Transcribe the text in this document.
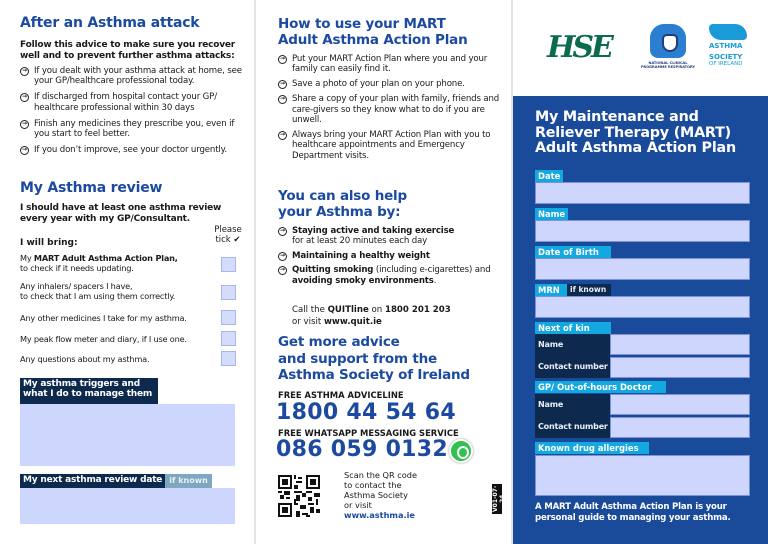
After an Asthma attack
Follow this advice to make sure you recover well and to prevent further asthma attacks:
→ If you dealt with your asthma attack at home, see your GP/healthcare professional today.
→ If discharged from hospital contact your GP/ healthcare professional within 30 days
→ Finish any medicines they prescribe you, even if you start to feel better.
→ If you don’t improve, see your doctor urgently.
My Asthma review
I should have at least one asthma review every year with my GP/Consultant.
I will bring:
Please tick ✔
My MART Adult Asthma Action Plan,
to check if it needs updating.
Any inhalers/ spacers I have,
to check that I am using them correctly.
Any other medicines I take for my asthma.
My peak flow meter and diary, if I use one.
Any questions about my asthma.
My asthma triggers and what I do to manage them
My next asthma review date if known
How to use your MART
Adult Asthma Action Plan
→ Put your MART Action Plan where you and your family can easily find it.
→ Save a photo of your plan on your phone.
→ Share a copy of your plan with family, friends and care-givers so they know what to do if you are unwell.
→ Always bring your MART Action Plan with you to healthcare appointments and Emergency Department visits.
You can also help
your Asthma by:
→ Staying active and taking exercise
for at least 20 minutes each day
→ Maintaining a healthy weight
→ Quitting smoking (including e-cigarettes) and avoiding smoky environments.
Call the QUITline on 1800 201 203
or visit www.quit.ie
Get more advice
and support from the
Asthma Society of Ireland
FREE ASTHMA ADVICELINE
1800 44 54 64
FREE WHATSAPP MESSAGING SERVICE
086 059 0132
Scan the QR code
to contact the
Asthma Society
or visit
www.asthma.ie
V01-07-24
HSE	NATIONAL CLINICAL PROGRAMME RESPIRATORY
ASTHMA
SOCIETY
OF IRELAND
My Maintenance and
Reliever Therapy (MART)
Adult Asthma Action Plan
Date
Name
Date of Birth
MRN	if known
Next of kin
Name
Contact number
GP/ Out-of-hours Doctor
Name
Contact number
Known drug allergies
A MART Adult Asthma Action Plan is your personal guide to managing your asthma.
